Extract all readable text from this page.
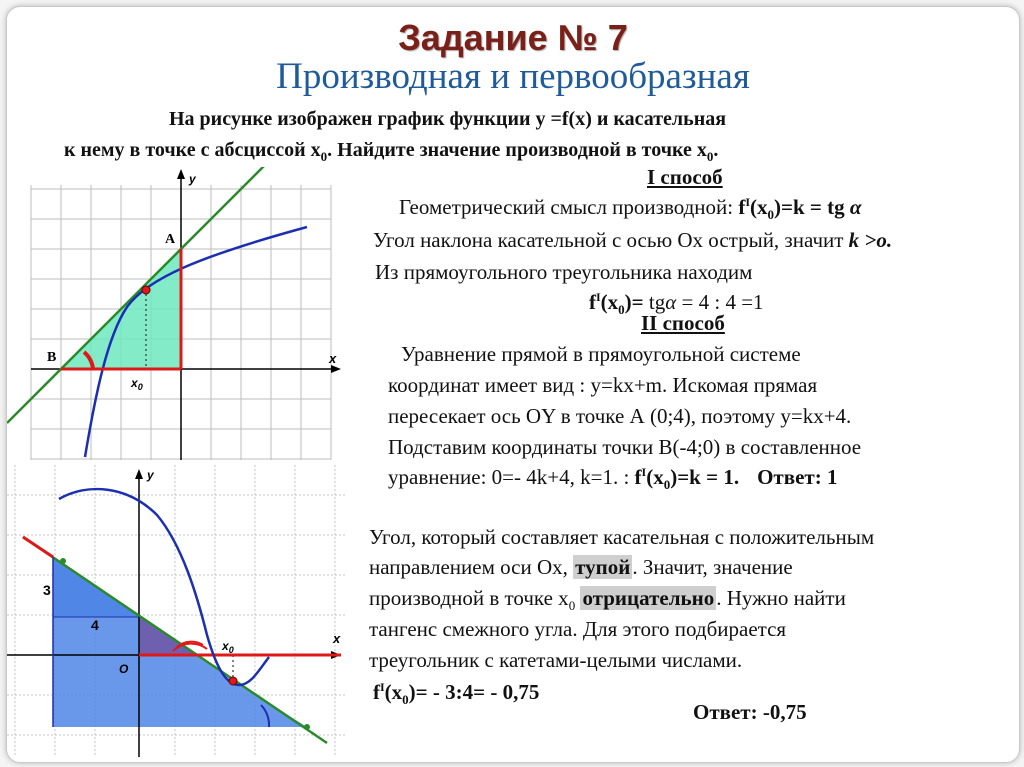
Задание № 7
Производная и первообразная
На рисунке изображен график функции у =f(x) и касательная
к нему в точке с абсциссой $x_0$. Найдите значение производной в точке $x_0$.
I способ
Геометрический смысл производной: $f^I(x_0)=k$ = tg α
Угол наклона касательной с осью Ох острый, значит k >o.
Из прямоугольного треугольника находим
$f^I(x_0)= tg\alpha = 4$ : 4 =1
II способ
Уравнение прямой в прямоугольной системе
координат имеет вид : y=kx+m. Искомая прямая
пересекает ось OY в точке А (0;4), поэтому y=kx+4.
Подставим координаты точки В(-4;0) в составленное
уравнение: 0=- 4k+4, k=1. : $f^I(x_0)=k = 1$. Ответ: 1
Угол, который составляет касательная с положительным
направлением оси Ох, тупой. Значит, значение
производной в точке $x_0$ отрицательно. Нужно найти
тангенс смежного угла. Для этого подбирается
треугольник с катетами-целыми числами.
$f^I(x_0)=$ - 3:4= - 0,75
Ответ: -0,75
y
x
A
B
$x_0$
y
x
O
3
4
$x_0$
